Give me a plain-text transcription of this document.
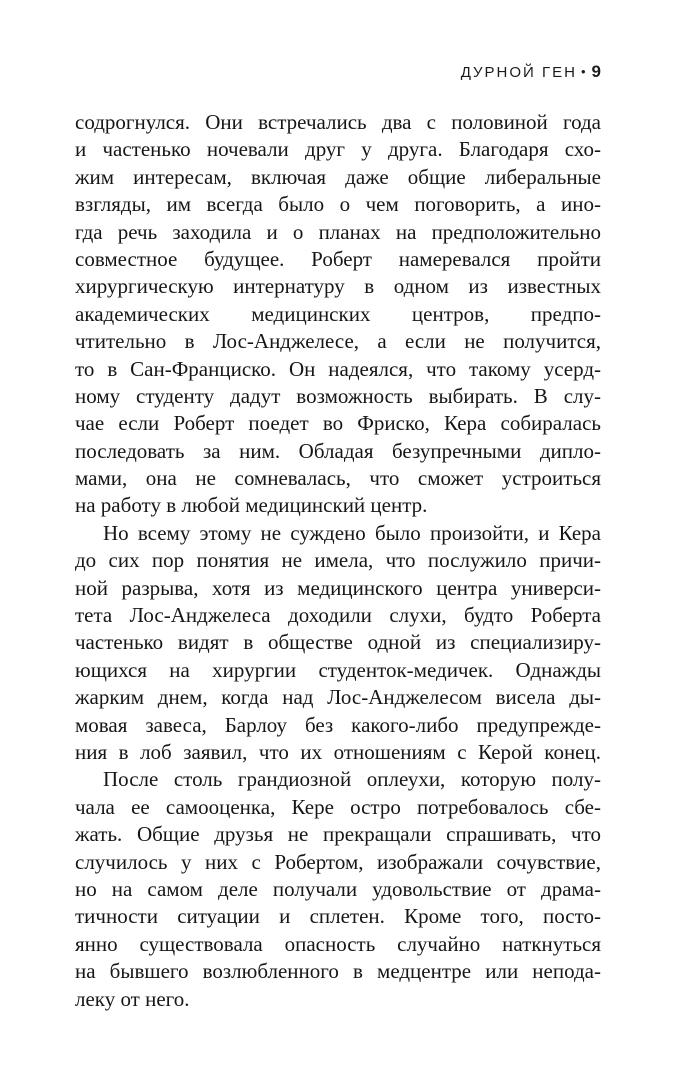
ДУРНОЙ ГЕН • 9
содрогнулся. Они встречались два с половиной года
и частенько ночевали друг у друга. Благодаря схо-
жим интересам, включая даже общие либеральные
взгляды, им всегда было о чем поговорить, а ино-
гда речь заходила и о планах на предположительно
совместное будущее. Роберт намеревался пройти
хирургическую интернатуру в одном из известных
академических медицинских центров, предпо-
чтительно в Лос-Анджелесе, а если не получится,
то в Сан-Франциско. Он надеялся, что такому усерд-
ному студенту дадут возможность выбирать. В слу-
чае если Роберт поедет во Фриско, Кера собиралась
последовать за ним. Обладая безупречными дипло-
мами, она не сомневалась, что сможет устроиться
на работу в любой медицинский центр.
Но всему этому не суждено было произойти, и Кера
до сих пор понятия не имела, что послужило причи-
ной разрыва, хотя из медицинского центра универси-
тета Лос-Анджелеса доходили слухи, будто Роберта
частенько видят в обществе одной из специализиру-
ющихся на хирургии студенток-медичек. Однажды
жарким днем, когда над Лос-Анджелесом висела ды-
мовая завеса, Барлоу без какого-либо предупрежде-
ния в лоб заявил, что их отношениям с Керой конец.
После столь грандиозной оплеухи, которую полу-
чала ее самооценка, Кере остро потребовалось сбе-
жать. Общие друзья не прекращали спрашивать, что
случилось у них с Робертом, изображали сочувствие,
но на самом деле получали удовольствие от драма-
тичности ситуации и сплетен. Кроме того, посто-
янно существовала опасность случайно наткнуться
на бывшего возлюбленного в медцентре или непода-
леку от него.
